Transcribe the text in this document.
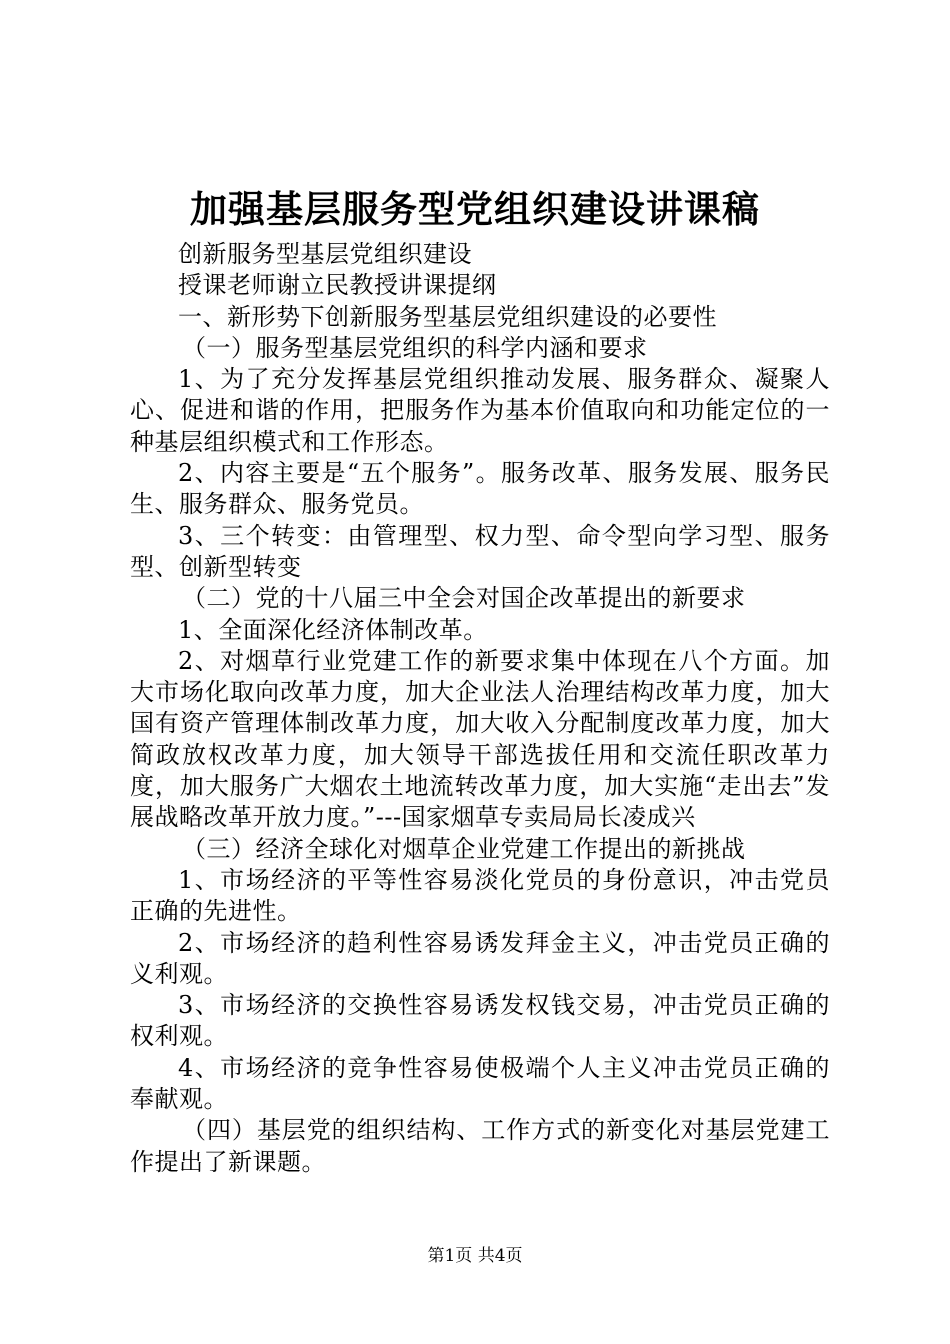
加强基层服务型党组织建设讲课稿

创新服务型基层党组织建设

授课老师谢立民教授讲课提纲

一、新形势下创新服务型基层党组织建设的必要性

（一）服务型基层党组织的科学内涵和要求

1、为了充分发挥基层党组织推动发展、服务群众、凝聚人心、促进和谐的作用，把服务作为基本价值取向和功能定位的一种基层组织模式和工作形态。

2、内容主要是“五个服务”。服务改革、服务发展、服务民生、服务群众、服务党员。

3、三个转变：由管理型、权力型、命令型向学习型、服务型、创新型转变

（二）党的十八届三中全会对国企改革提出的新要求

1、全面深化经济体制改革。

2、对烟草行业党建工作的新要求集中体现在八个方面。加大市场化取向改革力度，加大企业法人治理结构改革力度，加大国有资产管理体制改革力度，加大收入分配制度改革力度，加大简政放权改革力度，加大领导干部选拔任用和交流任职改革力度，加大服务广大烟农土地流转改革力度，加大实施“走出去”发展战略改革开放力度。”---国家烟草专卖局局长凌成兴

（三）经济全球化对烟草企业党建工作提出的新挑战

1、市场经济的平等性容易淡化党员的身份意识，冲击党员正确的先进性。

2、市场经济的趋利性容易诱发拜金主义，冲击党员正确的义利观。

3、市场经济的交换性容易诱发权钱交易，冲击党员正确的权利观。

4、市场经济的竞争性容易使极端个人主义冲击党员正确的奉献观。

（四）基层党的组织结构、工作方式的新变化对基层党建工作提出了新课题。

第1页 共4页
